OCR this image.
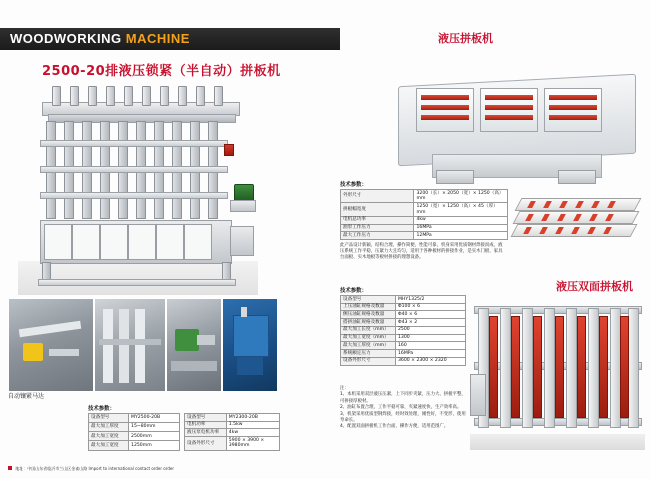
WOODWORKING MACHINE
2500-20排液压锁紧（半自动）拼板机
自动镶紧马达
技术参数：
设备型号	MY2500-20B
最大加工厚度	15~80mm
最大加工宽度	2500mm
最大加工宽度	1250mm
设备型号	MY2300-20B
电机功率	1.5kw
液压泵电机功率	4kw
设备外形尺寸	5900 × 3900 × 3980mm
液压拼板机
技术参数：
外形尺寸	3200（长）× 2050（宽）× 1250（高）mm
拼板幅宽度	1250（宽）× 1250（高）× 45（厚）mm
电机总功率	4kw
油泵工作压力	16MPa
最大工作压力	12MPa
此产品设计新颖，结构合理，操作简便，性能可靠，机身采用优质钢材焊接而成，液压系统工作平稳，压紧力大且均匀，适用于各种板材的拼接作业，是实木门板、家具台面板、实木地板等板材拼接的理想设备。
液压双面拼板机
技术参数：
设备型号	MHY1325/2
上压油缸规格及数量	Φ100 × 6
侧压油缸规格及数量	Φ40 × 6
搭拼油缸规格及数量	Φ43 × 2
最大加工长度（mm）	2500
最大加工宽度（mm）	1300
最大加工厚度（mm）	160
系统额定压力	16MPa
设备外形尺寸	3600 × 2300 × 2320
注：
1、本机采用双层液压压紧，上下同步夹紧，压力大、拼板平整，可拼接厚板材。
2、油缸布置合理，工作平稳可靠，夹紧速度快，生产效率高。
3、机架采用优质型钢焊接，经时效处理，刚性好，不变形，使用寿命长。
4、配置双面拼板机工作台面，操作方便，适用范围广。
地址：中国山东省临沂市兰山区金雀山路 Import to international contact order order
